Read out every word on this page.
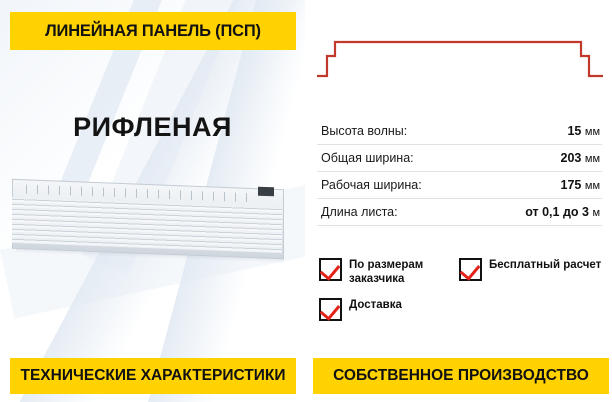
ЛИНЕЙНАЯ ПАНЕЛЬ (ПСП)
РИФЛЕНАЯ
ТЕХНИЧЕСКИЕ ХАРАКТЕРИСТИКИ
Высота волны:	15 мм
Общая ширина:	203 мм
Рабочая ширина:	175 мм
Длина листа:	от 0,1 до 3 м
По размерам заказчика
Бесплатный расчет
Доставка
СОБСТВЕННОЕ ПРОИЗВОДСТВО
